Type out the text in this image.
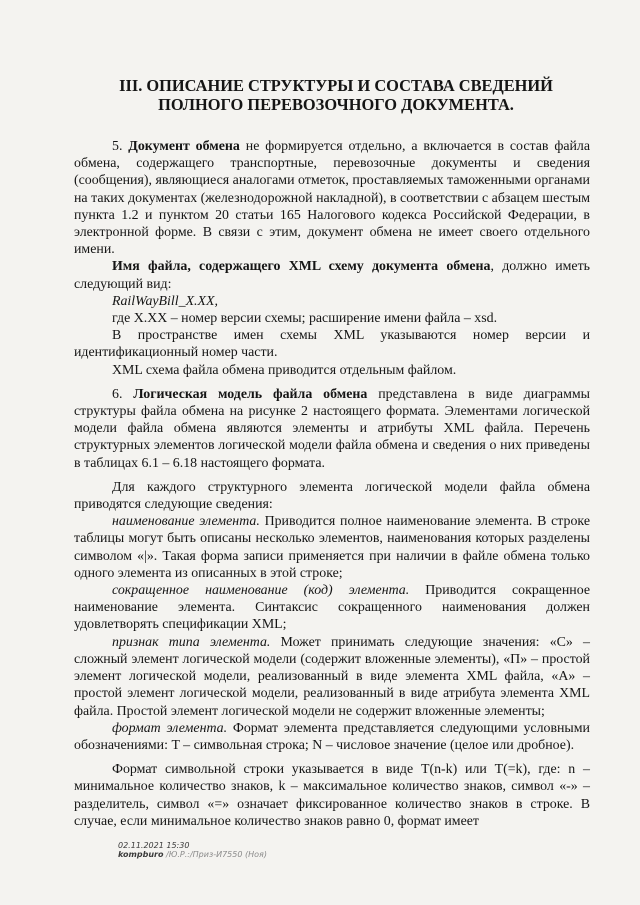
III. ОПИСАНИЕ СТРУКТУРЫ И СОСТАВА СВЕДЕНИЙ
ПОЛНОГО ПЕРЕВОЗОЧНОГО ДОКУМЕНТА.

5. Документ обмена не формируется отдельно, а включается в состав файла обмена, содержащего транспортные, перевозочные документы и сведения (сообщения), являющиеся аналогами отметок, проставляемых таможенными органами на таких документах (железнодорожной накладной), в соответствии с абзацем шестым пункта 1.2 и пунктом 20 статьи 165 Налогового кодекса Российской Федерации, в электронной форме. В связи с этим, документ обмена не имеет своего отдельного имени.

Имя файла, содержащего XML схему документа обмена, должно иметь следующий вид:

RailWayBill_X.XX,

где X.XX – номер версии схемы; расширение имени файла – xsd.

В пространстве имен схемы XML указываются номер версии и идентификационный номер части.

XML схема файла обмена приводится отдельным файлом.

6. Логическая модель файла обмена представлена в виде диаграммы структуры файла обмена на рисунке 2 настоящего формата. Элементами логической модели файла обмена являются элементы и атрибуты XML файла. Перечень структурных элементов логической модели файла обмена и сведения о них приведены в таблицах 6.1 – 6.18 настоящего формата.

Для каждого структурного элемента логической модели файла обмена приводятся следующие сведения:

наименование элемента. Приводится полное наименование элемента. В строке таблицы могут быть описаны несколько элементов, наименования которых разделены символом «|». Такая форма записи применяется при наличии в файле обмена только одного элемента из описанных в этой строке;

сокращенное наименование (код) элемента. Приводится сокращенное наименование элемента. Синтаксис сокращенного наименования должен удовлетворять спецификации XML;

признак типа элемента. Может принимать следующие значения: «С» – сложный элемент логической модели (содержит вложенные элементы), «П» – простой элемент логической модели, реализованный в виде элемента XML файла, «А» – простой элемент логической модели, реализованный в виде атрибута элемента XML файла. Простой элемент логической модели не содержит вложенные элементы;

формат элемента. Формат элемента представляется следующими условными обозначениями: T – символьная строка; N – числовое значение (целое или дробное).

Формат символьной строки указывается в виде T(n-k) или T(=k), где: n – минимальное количество знаков, k – максимальное количество знаков, символ «-» – разделитель, символ «=» означает фиксированное количество знаков в строке. В случае, если минимальное количество знаков равно 0, формат имеет

02.11.2021 15:30
kompburo /Ю.Р.:/Приз-И7550 (Ноя)
